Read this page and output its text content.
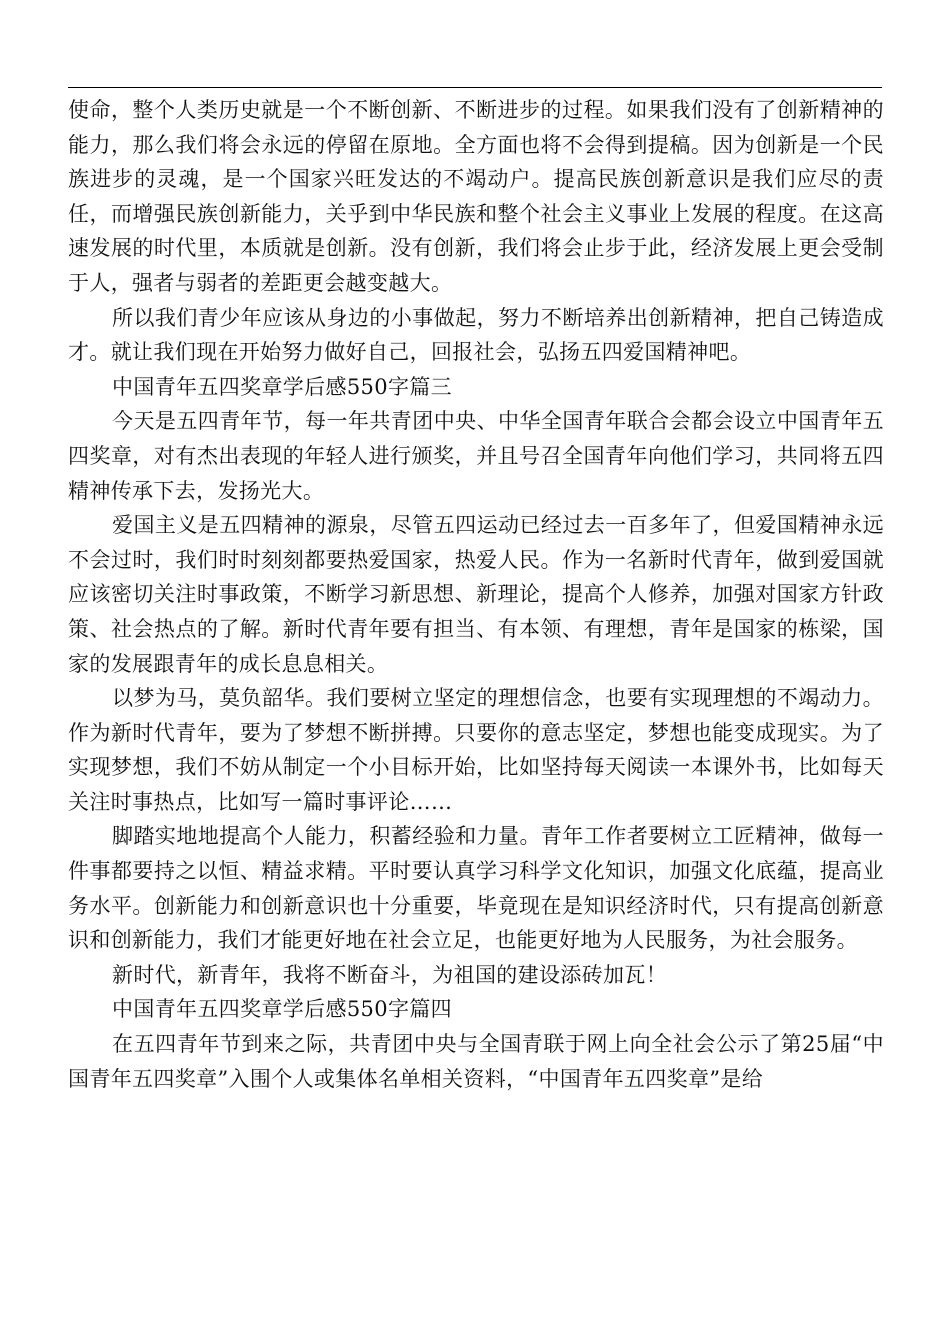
使命，整个人类历史就是一个不断创新、不断进步的过程。如果我们没有了创新精神的能力，那么我们将会永远的停留在原地。全方面也将不会得到提稿。因为创新是一个民族进步的灵魂，是一个国家兴旺发达的不竭动户。提高民族创新意识是我们应尽的责任，而增强民族创新能力，关乎到中华民族和整个社会主义事业上发展的程度。在这高速发展的时代里，本质就是创新。没有创新，我们将会止步于此，经济发展上更会受制于人，强者与弱者的差距更会越变越大。

所以我们青少年应该从身边的小事做起，努力不断培养出创新精神，把自己铸造成才。就让我们现在开始努力做好自己，回报社会，弘扬五四爱国精神吧。

中国青年五四奖章学后感550字篇三

今天是五四青年节，每一年共青团中央、中华全国青年联合会都会设立中国青年五四奖章，对有杰出表现的年轻人进行颁奖，并且号召全国青年向他们学习，共同将五四精神传承下去，发扬光大。

爱国主义是五四精神的源泉，尽管五四运动已经过去一百多年了，但爱国精神永远不会过时，我们时时刻刻都要热爱国家，热爱人民。作为一名新时代青年，做到爱国就应该密切关注时事政策，不断学习新思想、新理论，提高个人修养，加强对国家方针政策、社会热点的了解。新时代青年要有担当、有本领、有理想，青年是国家的栋梁，国家的发展跟青年的成长息息相关。

以梦为马，莫负韶华。我们要树立坚定的理想信念，也要有实现理想的不竭动力。作为新时代青年，要为了梦想不断拼搏。只要你的意志坚定，梦想也能变成现实。为了实现梦想，我们不妨从制定一个小目标开始，比如坚持每天阅读一本课外书，比如每天关注时事热点，比如写一篇时事评论……

脚踏实地地提高个人能力，积蓄经验和力量。青年工作者要树立工匠精神，做每一件事都要持之以恒、精益求精。平时要认真学习科学文化知识，加强文化底蕴，提高业务水平。创新能力和创新意识也十分重要，毕竟现在是知识经济时代，只有提高创新意识和创新能力，我们才能更好地在社会立足，也能更好地为人民服务，为社会服务。

新时代，新青年，我将不断奋斗，为祖国的建设添砖加瓦！

中国青年五四奖章学后感550字篇四

在五四青年节到来之际，共青团中央与全国青联于网上向全社会公示了第25届“中国青年五四奖章”入围个人或集体名单相关资料，“中国青年五四奖章”是给
